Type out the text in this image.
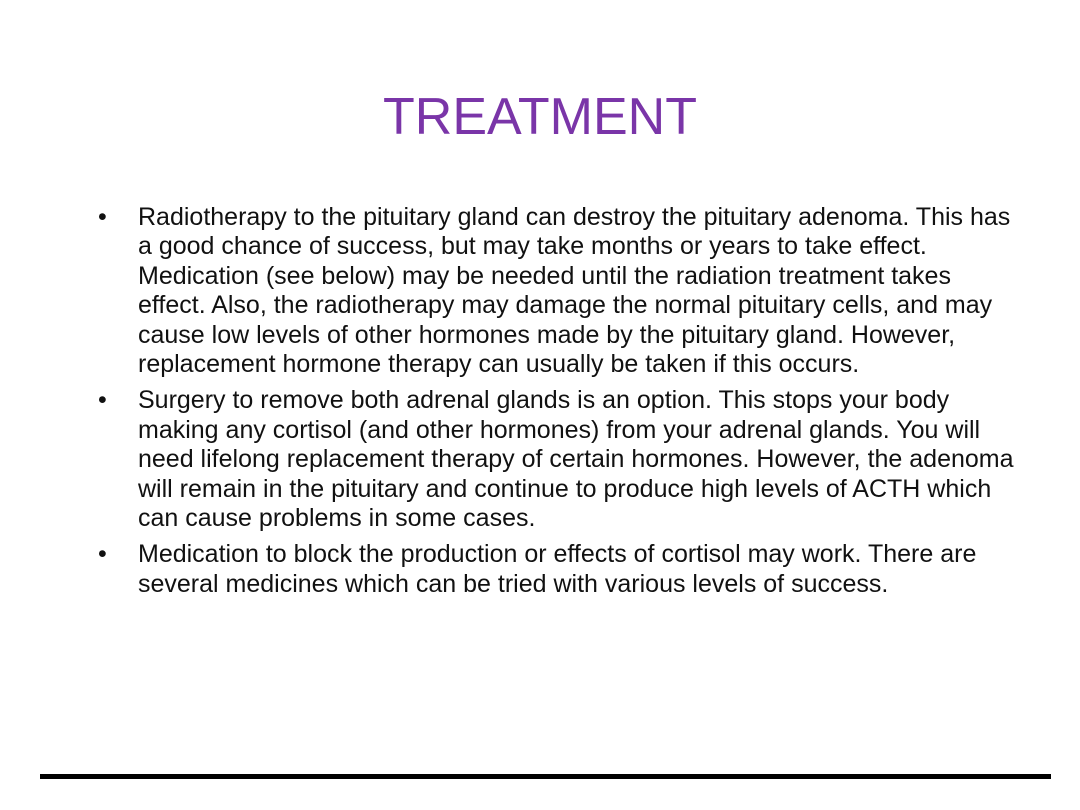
TREATMENT
• Radiotherapy to the pituitary gland can destroy the pituitary adenoma. This has a good chance of success, but may take months or years to take effect. Medication (see below) may be needed until the radiation treatment takes effect. Also, the radiotherapy may damage the normal pituitary cells, and may cause low levels of other hormones made by the pituitary gland. However, replacement hormone therapy can usually be taken if this occurs.
• Surgery to remove both adrenal glands is an option. This stops your body making any cortisol (and other hormones) from your adrenal glands. You will need lifelong replacement therapy of certain hormones. However, the adenoma will remain in the pituitary and continue to produce high levels of ACTH which can cause problems in some cases.
• Medication to block the production or effects of cortisol may work. There are several medicines which can be tried with various levels of success.
